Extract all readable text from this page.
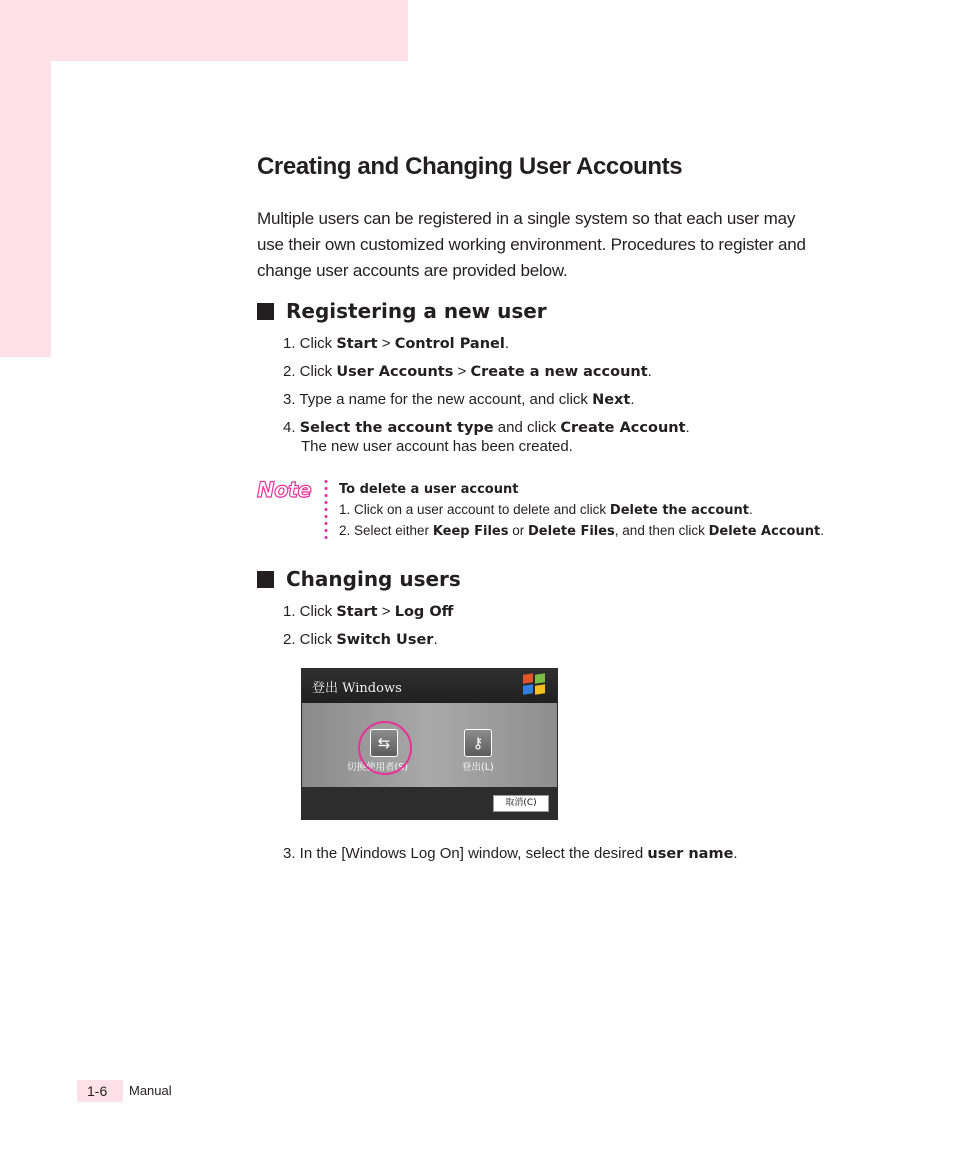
Creating and Changing User Accounts

Multiple users can be registered in a single system so that each user may use their own customized working environment. Procedures to register and change user accounts are provided below.

Registering a new user
1. Click Start > Control Panel.
2. Click User Accounts > Create a new account.
3. Type a name for the new account, and click Next.
4. Select the account type and click Create Account.
The new user account has been created.
Note To delete a user account
1. Click on a user account to delete and click Delete the account.
2. Select either Keep Files or Delete Files, and then click Delete Account.
Changing users
1. Click Start > Log Off
2. Click Switch User.
登出 Windows
⇆
切換使用者(S)
⚷
登出(L)
取消(C)
3. In the [Windows Log On] window, select the desired user name.
1-6	Manual
